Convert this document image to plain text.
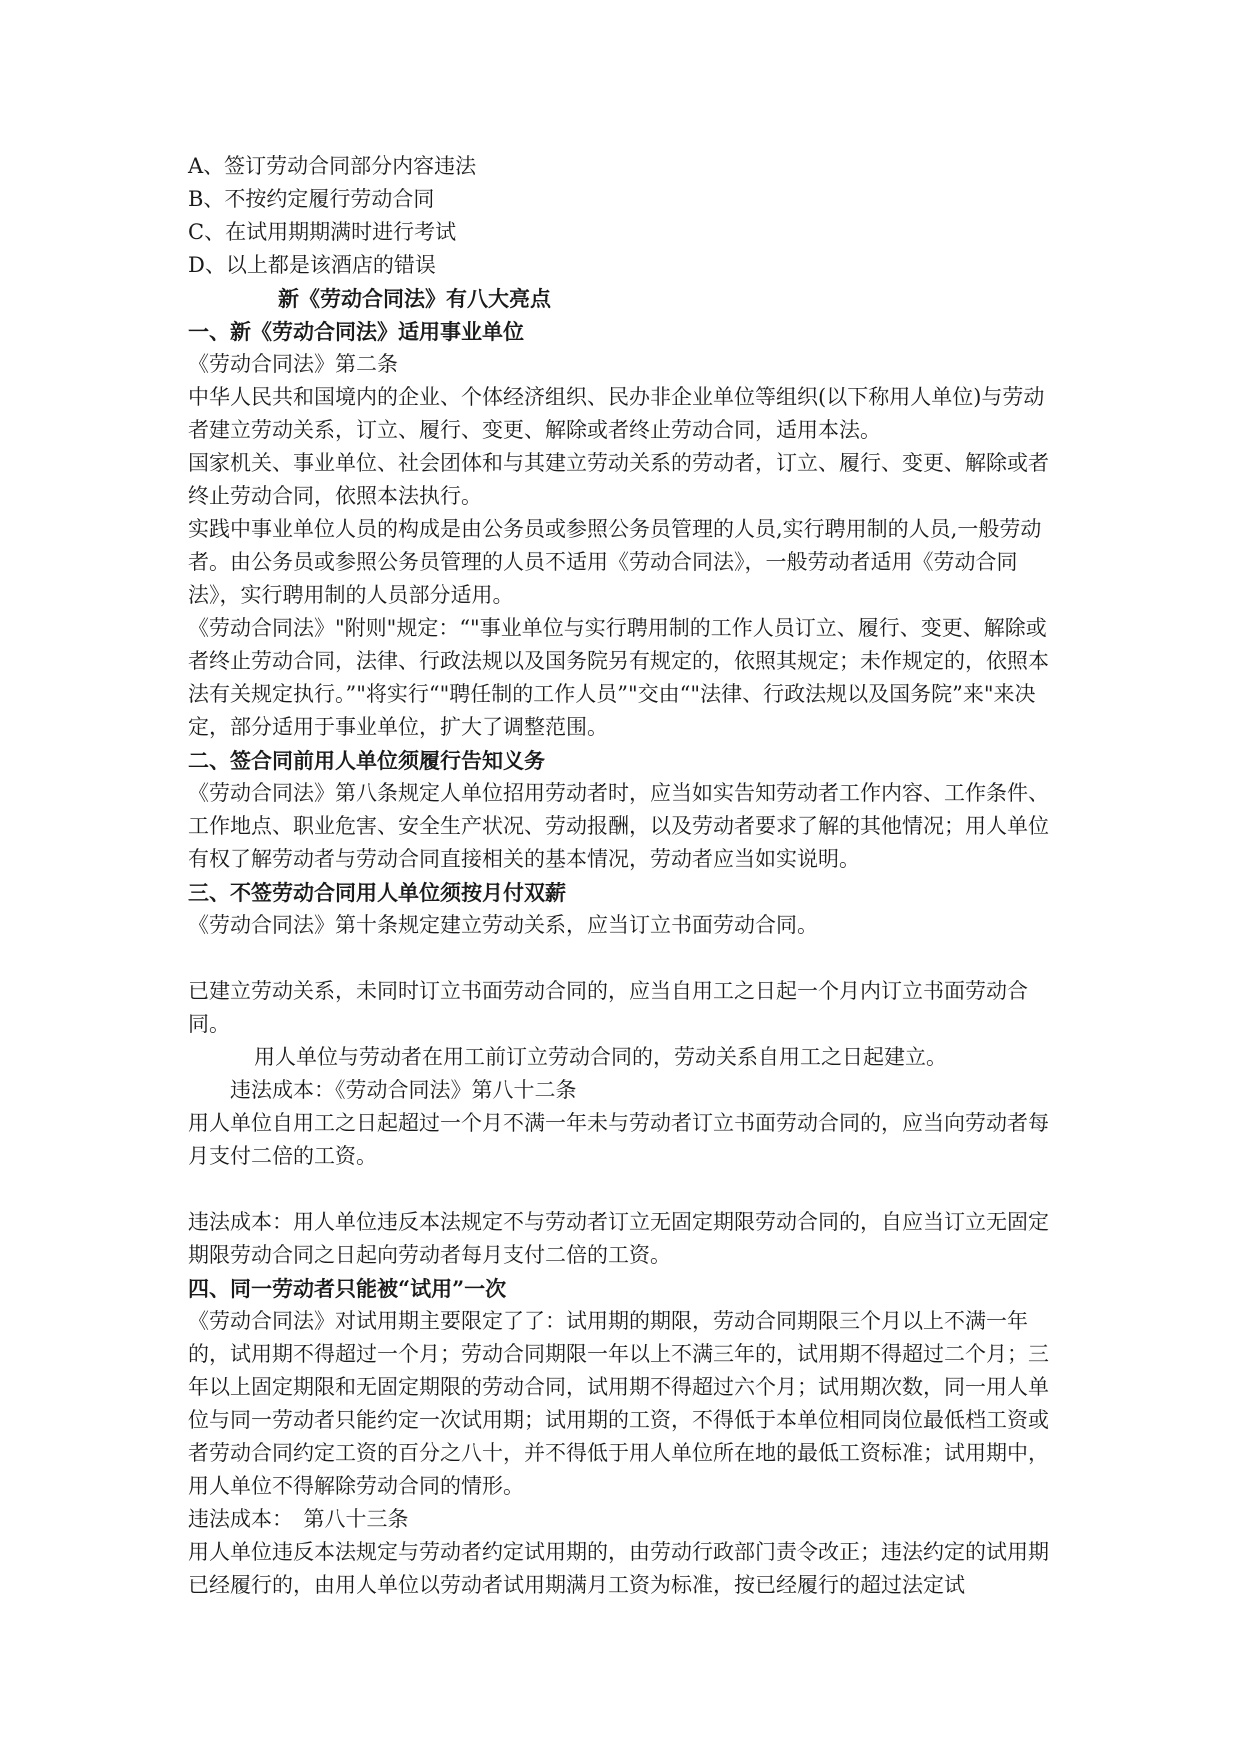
A、签订劳动合同部分内容违法

B、不按约定履行劳动合同

C、在试用期期满时进行考试

D、以上都是该酒店的错误

新《劳动合同法》有八大亮点

一、新《劳动合同法》适用事业单位

《劳动合同法》第二条

中华人民共和国境内的企业、个体经济组织、民办非企业单位等组织(以下称用人单位)与劳动者建立劳动关系，订立、履行、变更、解除或者终止劳动合同，适用本法。

国家机关、事业单位、社会团体和与其建立劳动关系的劳动者，订立、履行、变更、解除或者终止劳动合同，依照本法执行。

实践中事业单位人员的构成是由公务员或参照公务员管理的人员,实行聘用制的人员,一般劳动者。由公务员或参照公务员管理的人员不适用《劳动合同法》，一般劳动者适用《劳动合同法》，实行聘用制的人员部分适用。

《劳动合同法》"附则"规定：“"事业单位与实行聘用制的工作人员订立、履行、变更、解除或者终止劳动合同，法律、行政法规以及国务院另有规定的，依照其规定；未作规定的，依照本法有关规定执行。”"将实行“"聘任制的工作人员”"交由“"法律、行政法规以及国务院”来"来决定，部分适用于事业单位，扩大了调整范围。

二、签合同前用人单位须履行告知义务

《劳动合同法》第八条规定人单位招用劳动者时，应当如实告知劳动者工作内容、工作条件、工作地点、职业危害、安全生产状况、劳动报酬，以及劳动者要求了解的其他情况；用人单位有权了解劳动者与劳动合同直接相关的基本情况，劳动者应当如实说明。

三、不签劳动合同用人单位须按月付双薪

《劳动合同法》第十条规定建立劳动关系，应当订立书面劳动合同。

已建立劳动关系，未同时订立书面劳动合同的，应当自用工之日起一个月内订立书面劳动合同。

用人单位与劳动者在用工前订立劳动合同的，劳动关系自用工之日起建立。

违法成本：《劳动合同法》第八十二条

用人单位自用工之日起超过一个月不满一年未与劳动者订立书面劳动合同的，应当向劳动者每月支付二倍的工资。

违法成本：用人单位违反本法规定不与劳动者订立无固定期限劳动合同的，自应当订立无固定期限劳动合同之日起向劳动者每月支付二倍的工资。

四、同一劳动者只能被“试用”一次

《劳动合同法》对试用期主要限定了了：试用期的期限，劳动合同期限三个月以上不满一年的，试用期不得超过一个月；劳动合同期限一年以上不满三年的，试用期不得超过二个月；三年以上固定期限和无固定期限的劳动合同，试用期不得超过六个月；试用期次数，同一用人单位与同一劳动者只能约定一次试用期；试用期的工资，不得低于本单位相同岗位最低档工资或者劳动合同约定工资的百分之八十，并不得低于用人单位所在地的最低工资标准；试用期中，用人单位不得解除劳动合同的情形。

违法成本：　第八十三条

用人单位违反本法规定与劳动者约定试用期的，由劳动行政部门责令改正；违法约定的试用期已经履行的，由用人单位以劳动者试用期满月工资为标准，按已经履行的超过法定试
